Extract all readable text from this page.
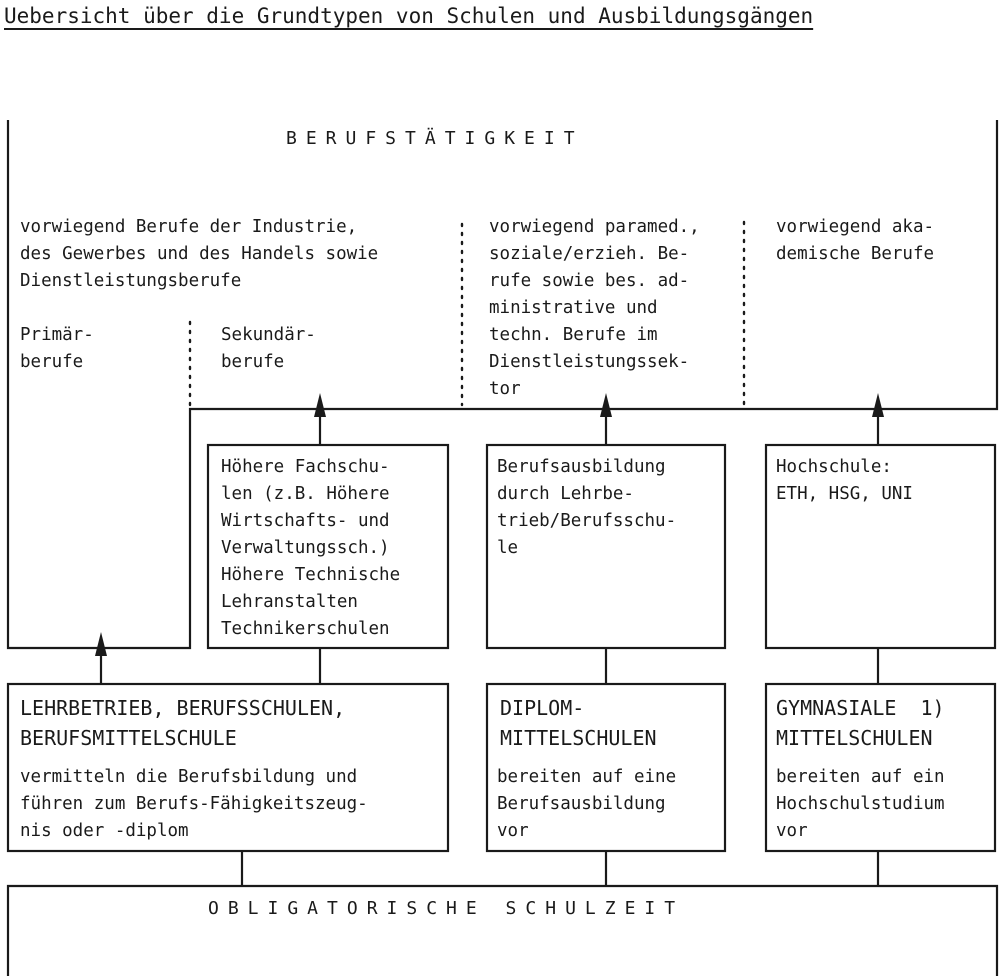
Uebersicht über die Grundtypen von Schulen und Ausbildungsgängen
BERUFSTÄTIGKEIT
vorwiegend Berufe der Industrie,
des Gewerbes und des Handels sowie
Dienstleistungsberufe
vorwiegend paramed.,
soziale/erzieh. Be-
rufe sowie bes. ad-
ministrative und
techn. Berufe im
Dienstleistungssek-
tor
vorwiegend aka-
demische Berufe
Primär-
berufe
Sekundär-
berufe
Höhere Fachschu-
len (z.B. Höhere
Wirtschafts- und
Verwaltungssch.)
Höhere Technische
Lehranstalten
Technikerschulen
Berufsausbildung
durch Lehrbe-
trieb/Berufsschu-
le
Hochschule:
ETH, HSG, UNI
LEHRBETRIEB, BERUFSSCHULEN,
BERUFSMITTELSCHULE
vermitteln die Berufsbildung und
führen zum Berufs-Fähigkeitszeug-
nis oder -diplom
DIPLOM-
MITTELSCHULEN
bereiten auf eine
Berufsausbildung
vor
GYMNASIALE  1)
MITTELSCHULEN
bereiten auf ein
Hochschulstudium
vor
OBLIGATORISCHE SCHULZEIT
